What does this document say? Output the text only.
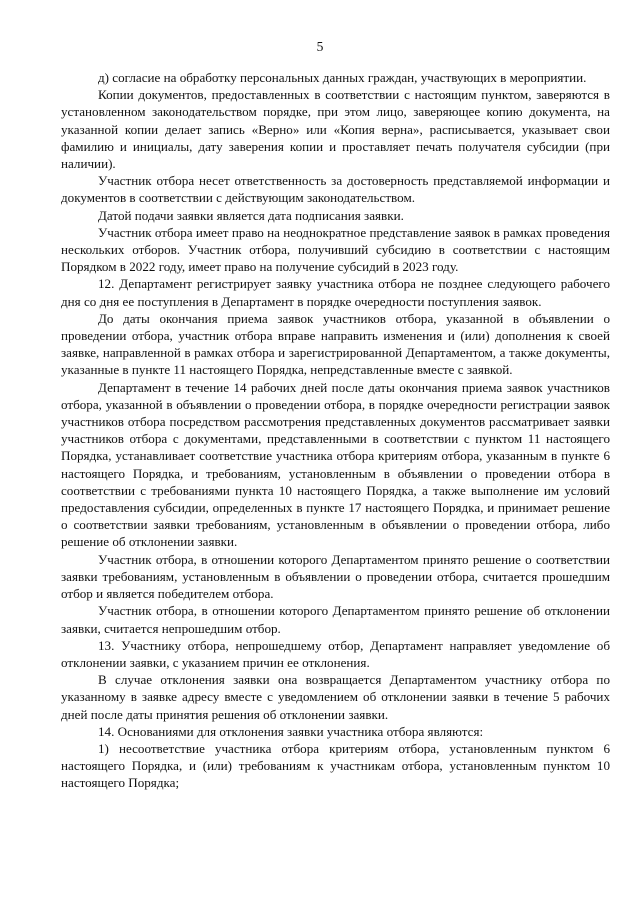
5

д) согласие на обработку персональных данных граждан, участвующих в мероприятии.

Копии документов, предоставленных в соответствии с настоящим пунктом, заверяются в установленном законодательством порядке, при этом лицо, заверяющее копию документа, на указанной копии делает запись «Верно» или «Копия верна», расписывается, указывает свои фамилию и инициалы, дату заверения копии и проставляет печать получателя субсидии (при наличии).

Участник отбора несет ответственность за достоверность представляемой информации и документов в соответствии с действующим законодательством.

Датой подачи заявки является дата подписания заявки.

Участник отбора имеет право на неоднократное представление заявок в рамках проведения нескольких отборов. Участник отбора, получивший субсидию в соответствии с настоящим Порядком в 2022 году, имеет право на получение субсидий в 2023 году.

12. Департамент регистрирует заявку участника отбора не позднее следующего рабочего дня со дня ее поступления в Департамент в порядке очередности поступления заявок.

До даты окончания приема заявок участников отбора, указанной в объявлении о проведении отбора, участник отбора вправе направить изменения и (или) дополнения к своей заявке, направленной в рамках отбора и зарегистрированной Департаментом, а также документы, указанные в пункте 11 настоящего Порядка, непредставленные вместе с заявкой.

Департамент в течение 14 рабочих дней после даты окончания приема заявок участников отбора, указанной в объявлении о проведении отбора, в порядке очередности регистрации заявок участников отбора посредством рассмотрения представленных документов рассматривает заявки участников отбора с документами, представленными в соответствии с пунктом 11 настоящего Порядка, устанавливает соответствие участника отбора критериям отбора, указанным в пункте 6 настоящего Порядка, и требованиям, установленным в объявлении о проведении отбора в соответствии с требованиями пункта 10 настоящего Порядка, а также выполнение им условий предоставления субсидии, определенных в пункте 17 настоящего Порядка, и принимает решение о соответствии заявки требованиям, установленным в объявлении о проведении отбора, либо решение об отклонении заявки.

Участник отбора, в отношении которого Департаментом принято решение о соответствии заявки требованиям, установленным в объявлении о проведении отбора, считается прошедшим отбор и является победителем отбора.

Участник отбора, в отношении которого Департаментом принято решение об отклонении заявки, считается непрошедшим отбор.

13. Участнику отбора, непрошедшему отбор, Департамент направляет уведомление об отклонении заявки, с указанием причин ее отклонения.

В случае отклонения заявки она возвращается Департаментом участнику отбора по указанному в заявке адресу вместе с уведомлением об отклонении заявки в течение 5 рабочих дней после даты принятия решения об отклонении заявки.

14. Основаниями для отклонения заявки участника отбора являются:

1) несоответствие участника отбора критериям отбора, установленным пунктом 6 настоящего Порядка, и (или) требованиям к участникам отбора, установленным пунктом 10 настоящего Порядка;
